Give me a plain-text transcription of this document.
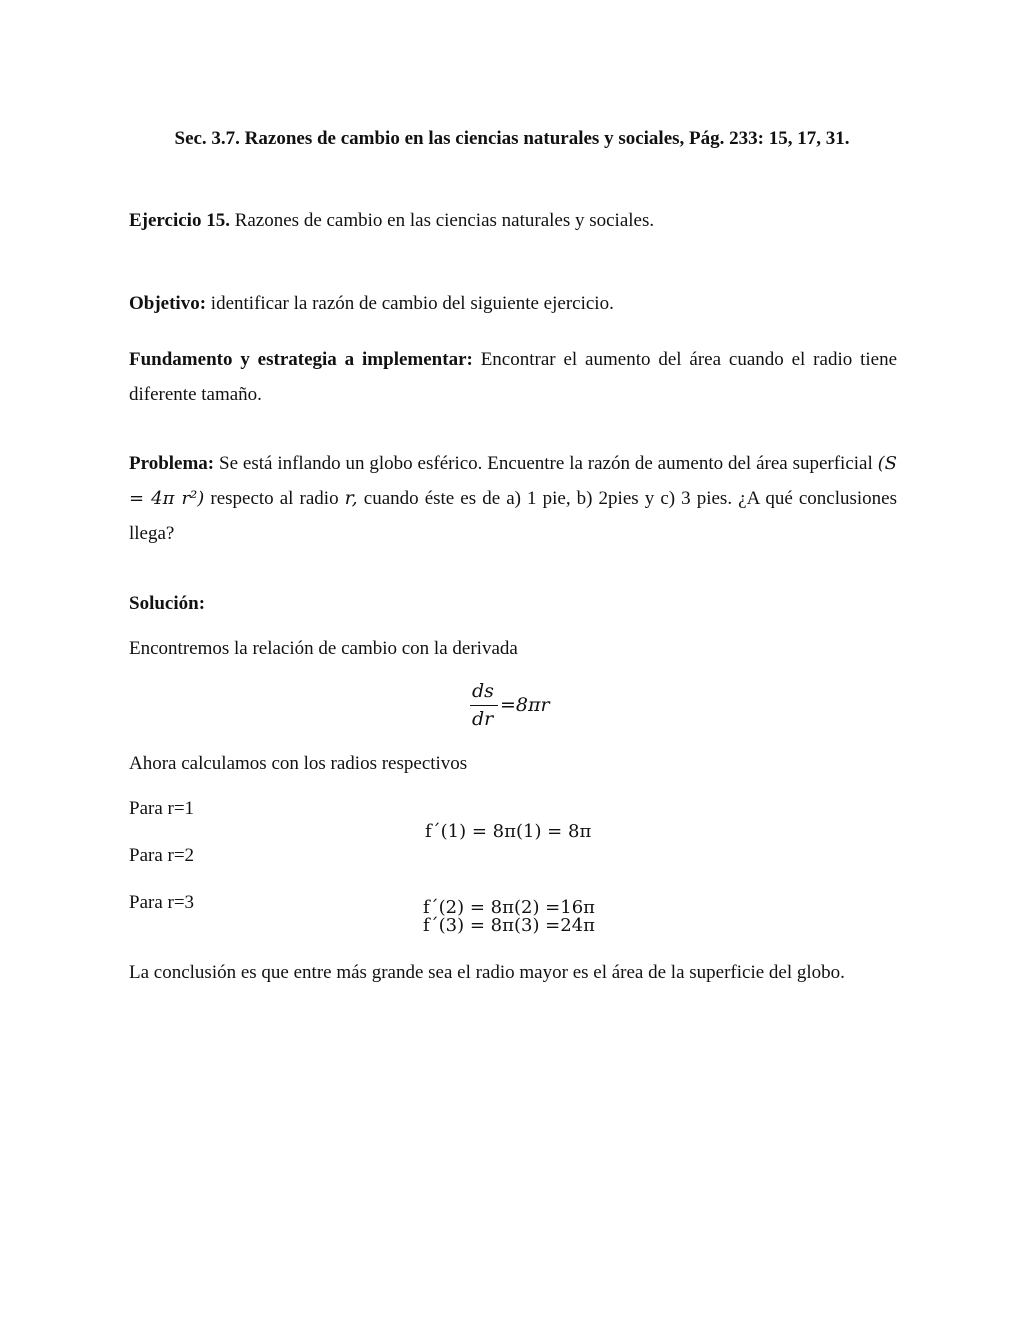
Sec. 3.7. Razones de cambio en las ciencias naturales y sociales, Pág. 233: 15, 17, 31.

Ejercicio 15. Razones de cambio en las ciencias naturales y sociales.

Objetivo: identificar la razón de cambio del siguiente ejercicio.

Fundamento y estrategia a implementar: Encontrar el aumento del área cuando el radio tiene diferente tamaño.

Problema: Se está inflando un globo esférico. Encuentre la razón de aumento del área superficial (S = 4π r²) respecto al radio r, cuando éste es de a) 1 pie, b) 2pies y c) 3 pies. ¿A qué conclusiones llega?

Solución:

Encontremos la relación de cambio con la derivada

ds
dr
=8πr

Ahora calculamos con los radios respectivos

Para r=1
Para r=2
Para r=3
f´(1) = 8π(1) = 8π
f´(2) = 8π(2) =16π
f´(3) = 8π(3) =24π

La conclusión es que entre más grande sea el radio mayor es el área de la superficie del globo.
